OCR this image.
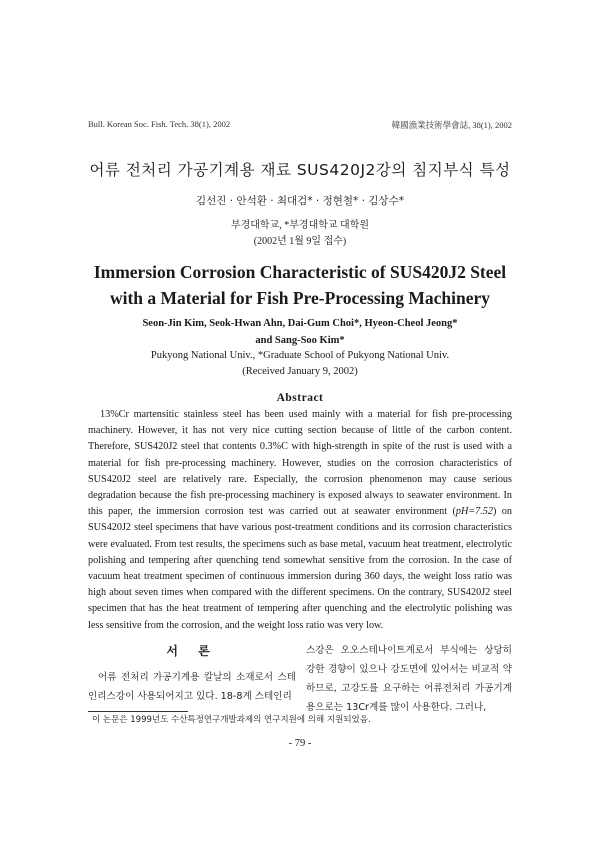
Bull. Korean Soc. Fish. Tech. 38(1), 2002	韓國漁業技術學會誌, 38(1), 2002
어류 전처리 가공기계용 재료 SUS420J2강의 침지부식 특성
김선진 · 안석환 · 최대검* · 정현철* · 김상수*
부경대학교, *부경대학교 대학원
(2002년 1월 9일 접수)
Immersion Corrosion Characteristic of SUS420J2 Steel
with a Material for Fish Pre-Processing Machinery
Seon-Jin Kim, Seok-Hwan Ahn, Dai-Gum Choi*, Hyeon-Cheol Jeong*
and Sang-Soo Kim*
Pukyong National Univ., *Graduate School of Pukyong National Univ.
(Received January 9, 2002)
Abstract

13%Cr martensitic stainless steel has been used mainly with a material for fish pre-processing machinery. However, it has not very nice cutting section because of little of the carbon content. Therefore, SUS420J2 steel that contents 0.3%C with high-strength in spite of the rust is used with a material for fish pre-processing machinery. However, studies on the corrosion characteristics of SUS420J2 steel are relatively rare. Especially, the corrosion phenomenon may cause serious degradation because the fish pre-processing machinery is exposed always to seawater environment. In this paper, the immersion corrosion test was carried out at seawater environment (pH=7.52) on SUS420J2 steel specimens that have various post-treatment conditions and its corrosion characteristics were evaluated. From test results, the specimens such as base metal, vacuum heat treatment, electrolytic polishing and tempering after quenching tend somewhat sensitive from the corrosion. In the case of vacuum heat treatment specimen of continuous immersion during 360 days, the weight loss ratio was high about seven times when compared with the different specimens. On the contrary, SUS420J2 steel specimen that has the heat treatment of tempering after quenching and the electrolytic polishing was less sensitive from the corrosion, and the weight loss ratio was very low.

서 론
어류 전처리 가공기계용 칼날의 소재로서 스테인리스강이 사용되어지고 있다. 18-8계 스테인리
스강은 오오스테나이트계로서 부식에는 상당히 강한 경향이 있으나 강도면에 있어서는 비교적 약하므로, 고강도를 요구하는 어류전처리 가공기계용으로는 13Cr계를 많이 사용한다. 그러나,
이 논문은 1999년도 수산특정연구개발과제의 연구지원에 의해 지원되었음.
- 79 -
